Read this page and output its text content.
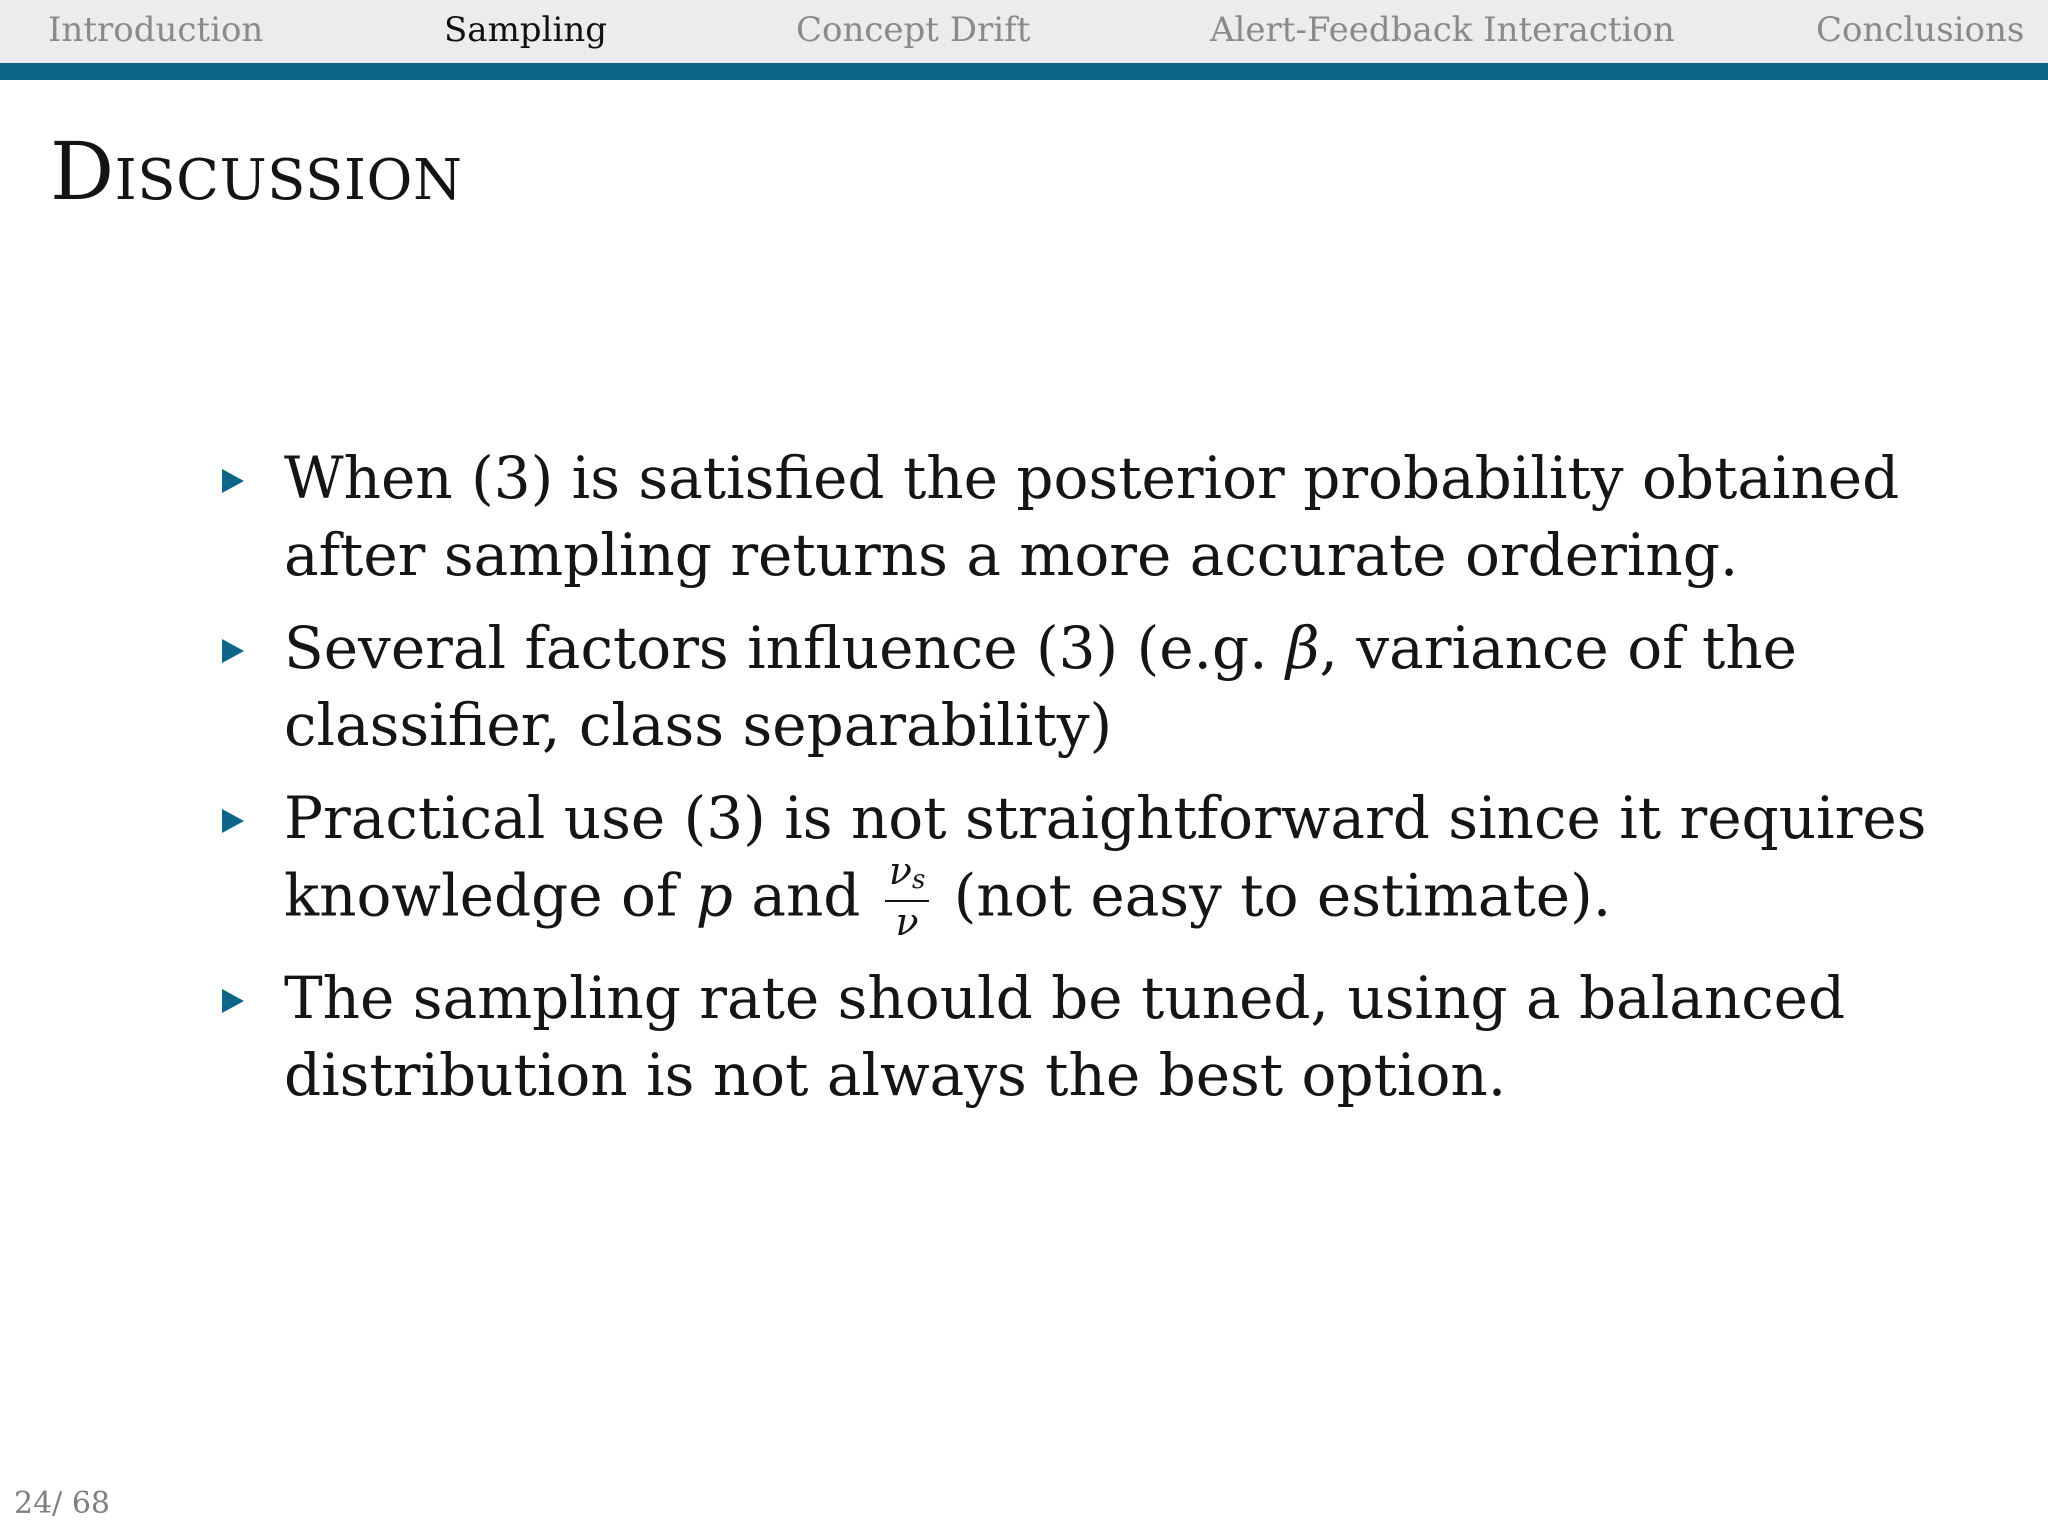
Introduction	Sampling	Concept Drift	Alert-Feedback Interaction	Conclusions
Discussion
When (3) is satisfied the posterior probability obtained
after sampling returns a more accurate ordering.
Several factors influence (3) (e.g. β, variance of the
classifier, class separability)
Practical use (3) is not straightforward since it requires
knowledge of p and $\frac{\nu_s}{\nu} (not$ easy to estimate).
The sampling rate should be tuned, using a balanced
distribution is not always the best option.
24/ 68
